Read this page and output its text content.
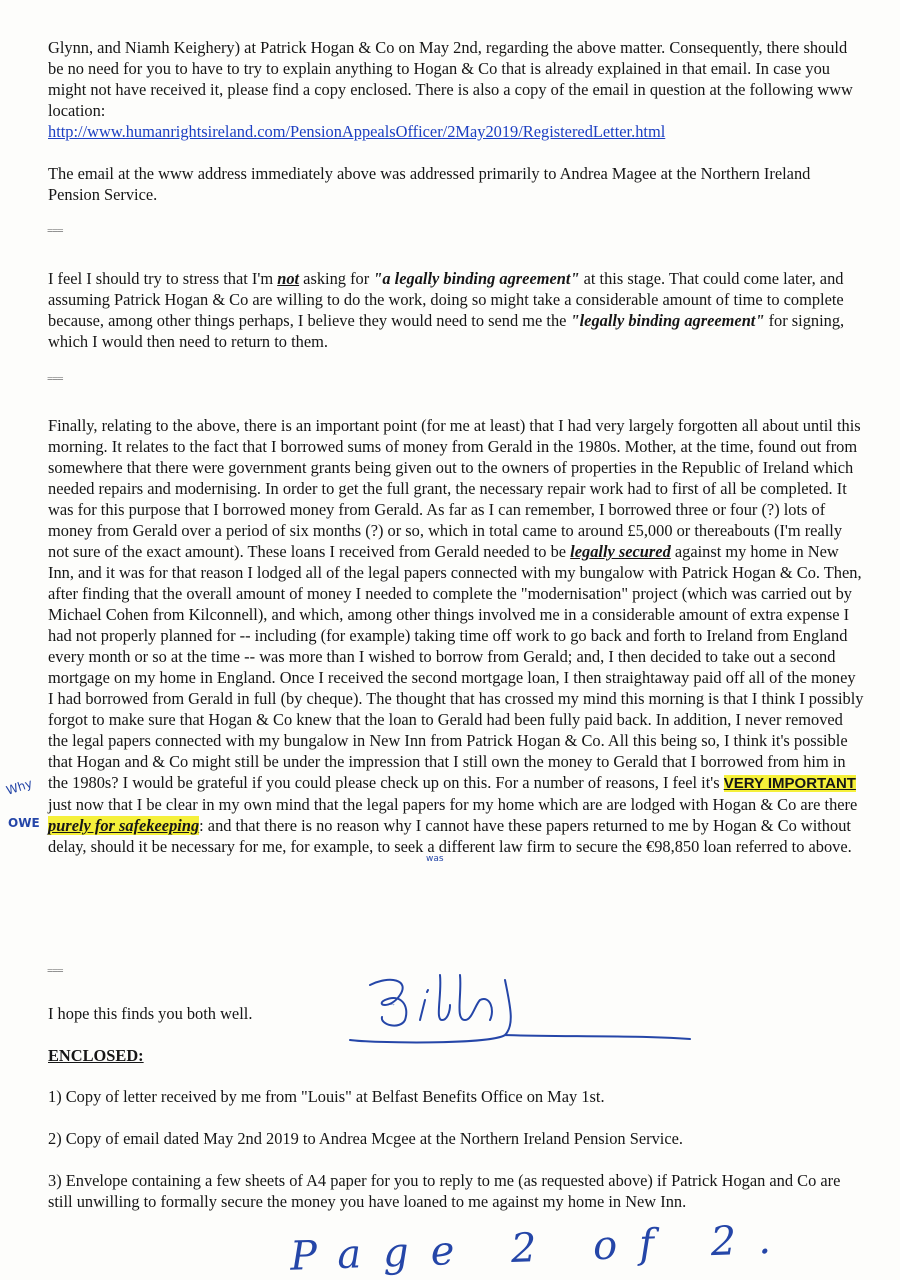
Glynn, and Niamh Keighery) at Patrick Hogan & Co on May 2nd, regarding the above matter. Consequently, there should be no need for you to have to try to explain anything to Hogan & Co that is already explained in that email. In case you might not have received it, please find a copy enclosed. There is also a copy of the email in question at the following www location:
http://www.humanrightsireland.com/PensionAppealsOfficer/2May2019/RegisteredLetter.html

The email at the www address immediately above was addressed primarily to Andrea Magee at the Northern Ireland Pension Service.

===

I feel I should try to stress that I'm not asking for "a legally binding agreement" at this stage. That could come later, and assuming Patrick Hogan & Co are willing to do the work, doing so might take a considerable amount of time to complete because, among other things perhaps, I believe they would need to send me the "legally binding agreement" for signing, which I would then need to return to them.

===

Finally, relating to the above, there is an important point (for me at least) that I had very largely forgotten all about until this morning. It relates to the fact that I borrowed sums of money from Gerald in the 1980s. Mother, at the time, found out from somewhere that there were government grants being given out to the owners of properties in the Republic of Ireland which needed repairs and modernising. In order to get the full grant, the necessary repair work had to first of all be completed. It was for this purpose that I borrowed money from Gerald. As far as I can remember, I borrowed three or four (?) lots of money from Gerald over a period of six months (?) or so, which in total came to around £5,000 or thereabouts (I'm really not sure of the exact amount). These loans I received from Gerald needed to be legally secured against my home in New Inn, and it was for that reason I lodged all of the legal papers connected with my bungalow with Patrick Hogan & Co. Then, after finding that the overall amount of money I needed to complete the "modernisation" project (which was carried out by Michael Cohen from Kilconnell), and which, among other things involved me in a considerable amount of extra expense I had not properly planned for -- including (for example) taking time off work to go back and forth to Ireland from England every month or so at the time -- was more than I wished to borrow from Gerald; and, I then decided to take out a second mortgage on my home in England. Once I received the second mortgage loan, I then straightaway paid off all of the money I had borrowed from Gerald in full (by cheque). The thought that has crossed my mind this morning is that I think I possibly forgot to make sure that Hogan & Co knew that the loan to Gerald had been fully paid back. In addition, I never removed the legal papers connected with my bungalow in New Inn from Patrick Hogan & Co. All this being so, I think it's possible that Hogan and & Co might still be under the impression that I still own the money to Gerald that I borrowed from him in the 1980s? I would be grateful if you could please check up on this. For a number of reasons, I feel it's VERY IMPORTANT just now that I be clear in my own mind that the legal papers for my home which are are lodged with Hogan & Co are there purely for safekeeping: and that there is no reason why I cannot have these papers returned to me by Hogan & Co without delay, should it be necessary for me, for example, to seek a different law firm to secure the €98,850 loan referred to above.

===

I hope this finds you both well.

ENCLOSED:

1) Copy of letter received by me from "Louis" at Belfast Benefits Office on May 1st.

2) Copy of email dated May 2nd 2019 to Andrea Mcgee at the Northern Ireland Pension Service.

3) Envelope containing a few sheets of A4 paper for you to reply to me (as requested above) if Patrick Hogan and Co are still unwilling to formally secure the money you have loaned to me against my home in New Inn.

Why
OWE
was
Billy
Page 2 of 2.
